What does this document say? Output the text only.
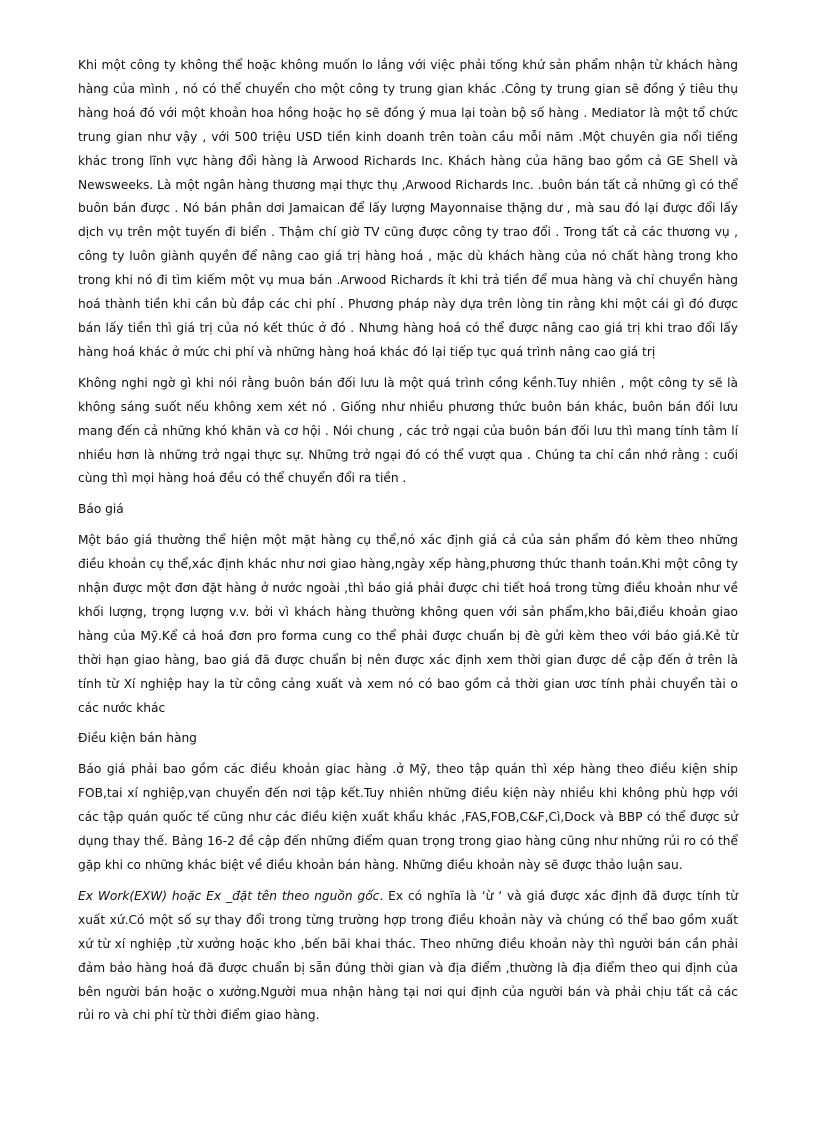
Khi một công ty không thể hoặc không muốn lo lắng với việc phải tống khứ sản phẩm nhận từ khách hàng hàng của mình , nó có thể chuyển cho một công ty trung gian khác .Công ty trung gian sẽ đồng ý tiêu thụ hàng hoá đó với một khoản hoa hồng hoặc họ sẽ đồng ý mua lại toàn bộ số hàng . Mediator là một tổ chức trung gian như vậy , với 500 triệu USD tiền kinh doanh trên toàn cầu mỗi năm .Một chuyên gia nổi tiếng khác trong lĩnh vực hàng đổi hàng là Arwood Richards Inc. Khách hàng của hãng bao gồm cả GE Shell và Newsweeks. Là một ngân hàng thương mại thực thụ ,Arwood Richards Inc. .buôn bán tất cả những gì có thể buôn bán được . Nó bán phân dơi Jamaican để lấy lượng Mayonnaise thặng dư , mà sau đó lại được đổi lấy dịch vụ trên một tuyến đi biển . Thậm chí giờ TV cũng được công ty trao đổi . Trong tất cả các thương vụ , công ty luôn giành quyền để nâng cao giá trị hàng hoá , mặc dù khách hàng của nó chất hàng trong kho trong khi nó đi tìm kiếm một vụ mua bán .Arwood Richards ít khi trả tiền để mua hàng và chỉ chuyển hàng hoá thành tiền khi cần bù đắp các chi phí . Phương pháp này dựa trên lòng tin rằng khi một cái gì đó được bán lấy tiền thì giá trị của nó kết thúc ở đó . Nhưng hàng hoá có thể được nâng cao giá trị khi trao đổi lấy hàng hoá khác ở mức chi phí và những hàng hoá khác đó lại tiếp tục quá trình nâng cao giá trị

Không nghi ngờ gì khi nói rằng buôn bán đối lưu là một quá trình cồng kềnh.Tuy nhiên , một công ty sẽ là không sáng suốt nếu không xem xét nó . Giống như nhiều phương thức buôn bán khác, buôn bán đối lưu mang đến cả những khó khăn và cơ hội . Nói chung , các trở ngại của buôn bán đối lưu thì mang tính tâm lí nhiều hơn là những trở ngại thực sự. Những trở ngại đó có thể vượt qua . Chúng ta chỉ cần nhớ rằng : cuối cùng thì mọi hàng hoá đều có thể chuyển đổi ra tiền .

Báo giá

Một báo giá thường thể hiện một mặt hàng cụ thể,nó xác định giá cả của sản phẩm đó kèm theo những điều khoản cụ thể,xác định khác như nơi giao hàng,ngày xếp hàng,phương thức thanh toán.Khi một công ty nhận được một đơn đặt hàng ở nước ngoài ,thì báo giá phải được chi tiết hoá trong từng điều khoản như về khối lượng, trọng lượng v.v. bởi vì khách hàng thường không quen với sản phẩm,kho bãi,điều khoản giao hàng của Mỹ.Kể cả hoá đơn pro forma cung co thể phải được chuẩn bị đè gửi kèm theo với báo giá.Kẻ từ thời hạn giao hàng, bao giá đã được chuẩn bị nên được xác định xem thời gian được dề cập đến ở trên là tính từ Xí nghiệp hay la từ công cảng xuất và xem nó có bao gồm cả thời gian ươc tính phải chuyển tài o các nước khác

Điều kiện bán hàng

Báo giá phải bao gồm các điều khoản giac hàng .ở Mỹ, theo tập quán thì xép hàng theo điều kiện ship FOB,tai xí nghiệp,vạn chuyển đến nơi tập kết.Tuy nhiên những điều kiện này nhiều khi không phù hợp với các tập quán quốc tế cũng như các điều kiện xuất khẩu khác ,FAS,FOB,C&F,Cì,Dock và BBP có thể được sử dụng thay thế. Bảng 16-2 đề cập đến những điểm quan trọng trong giao hàng cũng như những rủi ro có thể gặp khi co những khác biệt về điều khoản bán hàng. Những điều khoản này sẽ được thảo luận sau.

Ex Work(EXW) hoặc Ex _đặt tên theo nguồn gốc. Ex có nghĩa là ‘ừ ‘ và giá được xác định đã được tính từ xuất xứ.Có một số sự thay đổi trong từng trường hợp trong điều khoản này và chúng có thể bao gồm xuất xứ từ xí nghiệp ,từ xưởng hoặc kho ,bến bãi khai thác. Theo những điều khoản này thì người bán cần phải đảm bảo hàng hoá đã được chuẩn bị sẵn đúng thời gian và địa điểm ,thường là địa điểm theo qui định của bên người bán hoặc o xưởng.Người mua nhận hàng tại nơi qui định của người bán và phải chịu tất cả các rủi ro và chi phí từ thời điểm giao hàng.
